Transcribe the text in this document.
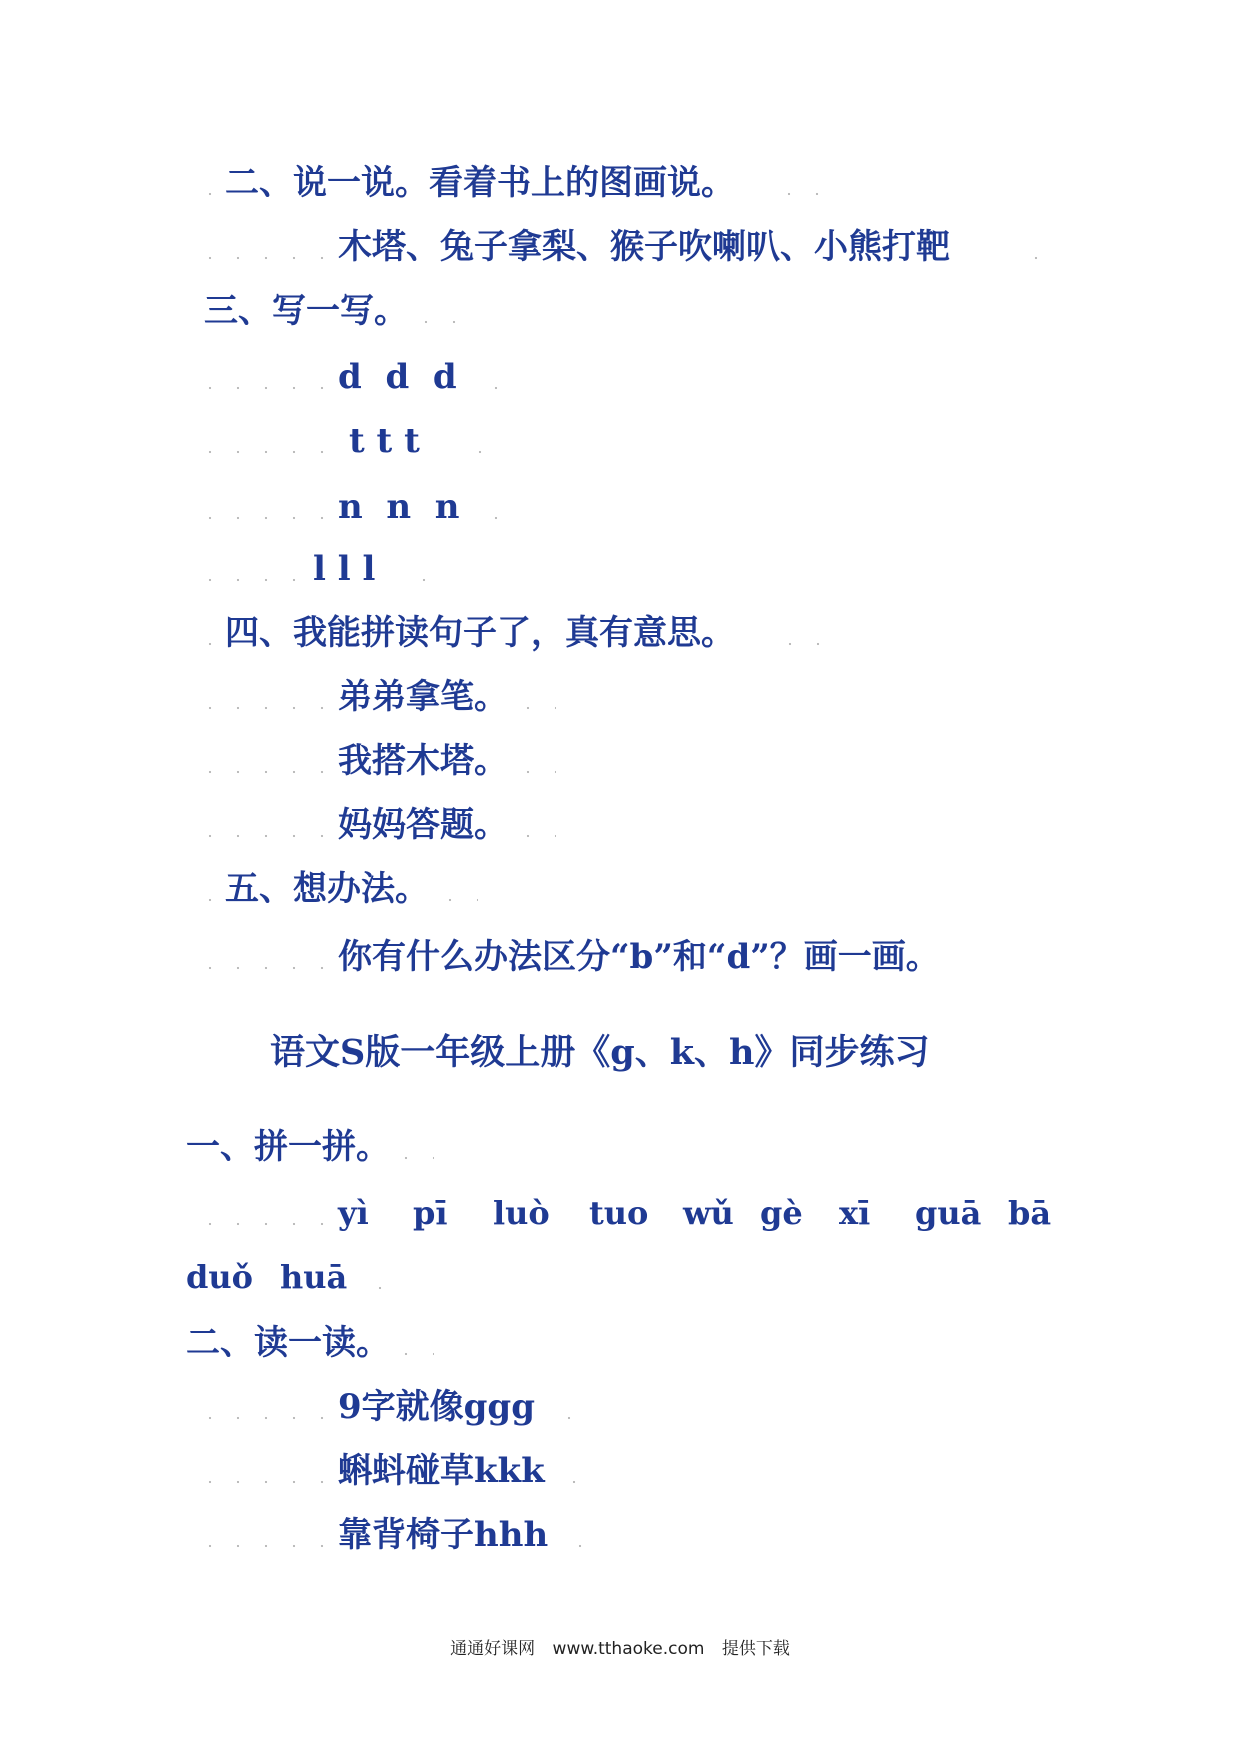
二、说一说。看着书上的图画说。
木塔、兔子拿梨、猴子吹喇叭、小熊打靶
三、写一写。
d  d  d
t t t
n  n  n
l l l
四、我能拼读句子了，真有意思。
弟弟拿笔。
我搭木塔。
妈妈答题。
五、想办法。
你有什么办法区分“b”和“d”？画一画。
语文S版一年级上册《g、k、h》同步练习
一、拼一拼。
yì pī luò tuo wǔ gè xī guā bā
duǒ huā
二、读一读。
9字就像ggg
蝌蚪碰草kkk
靠背椅子hhh
通通好课网 www.tthaoke.com 提供下载
